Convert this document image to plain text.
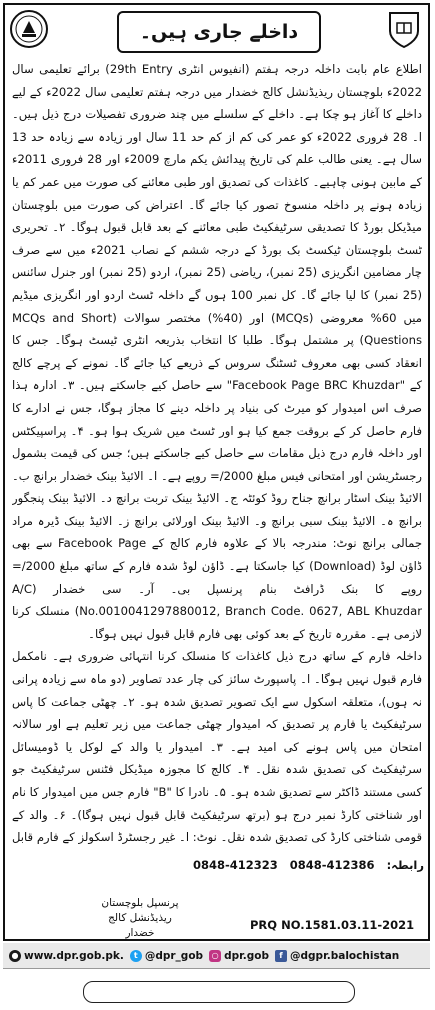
داخلے جاری ہیں۔

اطلاع عام بابت داخلہ درجہ ہفتم (انفیوس انٹری 29th Entry) برائے تعلیمی سال 2022ء بلوچستان ریذیڈنشل کالج خضدار میں درجہ ہفتم تعلیمی سال 2022ء کے لیے داخلے کا آغاز ہو چکا ہے۔ داخلے کے سلسلے میں چند ضروری تفصیلات درج ذیل ہیں۔ ا۔ 28 فروری 2022ء کو عمر کی کم از کم حد 11 سال اور زیادہ سے زیادہ حد 13 سال ہے۔ یعنی طالب علم کی تاریخ پیدائش یکم مارچ 2009ء اور 28 فروری 2011ء کے مابین ہونی چاہیے۔ کاغذات کی تصدیق اور طبی معائنے کی صورت میں عمر کم یا زیادہ ہونے پر داخلہ منسوخ تصور کیا جائے گا۔ اعتراض کی صورت میں بلوچستان میڈیکل بورڈ کا تصدیقی سرٹیفکیٹ طبی معائنے کے بعد قابل قبول ہوگا۔ ۲۔ تحریری ٹسٹ بلوچستان ٹیکسٹ بک بورڈ کے درجہ ششم کے نصاب 2021ء میں سے صرف چار مضامین انگریزی (25 نمبر)، ریاضی (25 نمبر)، اردو (25 نمبر) اور جنرل سائنس (25 نمبر) کا لیا جائے گا۔ کل نمبر 100 ہوں گے داخلہ ٹسٹ اردو اور انگریزی میڈیم میں 60% معروضی (MCQs) اور (40%) مختصر سوالات (MCQs and Short Questions) پر مشتمل ہوگا۔ طلبا کا انتخاب بذریعہ انٹری ٹیسٹ ہوگا۔ جس کا انعقاد کسی بھی معروف ٹسٹنگ سروس کے ذریعے کیا جائے گا۔ نمونے کے پرچے کالج کے "Facebook Page BRC Khuzdar" سے حاصل کیے جاسکتے ہیں۔ ۳۔ ادارہ ہذا صرف اس امیدوار کو میرٹ کی بنیاد پر داخلہ دینے کا مجاز ہوگا، جس نے ادارے کا فارم حاصل کر کے بروقت جمع کیا ہو اور ٹسٹ میں شریک ہوا ہو۔ ۴۔ پراسپیکٹس اور داخلہ فارم درج ذیل مقامات سے حاصل کیے جاسکتے ہیں؛ جس کی قیمت بشمول رجسٹریشن اور امتحانی فیس مبلغ 2000/= روپے ہے۔ ا۔ الائیڈ بینک خضدار برانچ ب۔ الائیڈ بینک اسٹار برانچ جناح روڈ کوئٹہ ج۔ الائیڈ بینک تربت برانچ د۔ الائیڈ بینک پنجگور برانچ ہ۔ الائیڈ بینک سبی برانچ و۔ الائیڈ بینک اورلائی برانچ ز۔ الائیڈ بینک ڈیرہ مراد جمالی برانچ نوٹ: مندرجہ بالا کے علاوہ فارم کالج کے Facebook Page سے بھی ڈاؤن لوڈ (Download) کیا جاسکتا ہے۔ ڈاؤن لوڈ شدہ فارم کے ساتھ مبلغ 2000/= روپے کا بنک ڈرافٹ بنام پرنسپل بی۔ آر۔ سی خضدار (A/C No.0010041297880012, Branch Code. 0627, ABL Khuzdar) منسلک کرنا لازمی ہے۔ مقررہ تاریخ کے بعد کوئی بھی فارم قابل قبول نہیں ہوگا۔

داخلہ فارم کے ساتھ درج ذیل کاغذات کا منسلک کرنا انتہائی ضروری ہے۔ نامکمل فارم قبول نہیں ہوگا۔ ا۔ پاسپورٹ سائز کی چار عدد تصاویر (دو ماہ سے زیادہ پرانی نہ ہوں)، متعلقہ اسکول سے ایک تصویر تصدیق شدہ ہو۔ ۲۔ چھٹی جماعت کا پاس سرٹیفکیٹ یا فارم پر تصدیق کہ امیدوار چھٹی جماعت میں زیر تعلیم ہے اور سالانہ امتحان میں پاس ہونے کی امید ہے۔ ۳۔ امیدوار یا والد کے لوکل یا ڈومیسائل سرٹیفکیٹ کی تصدیق شدہ نقل۔ ۴۔ کالج کا مجوزہ میڈیکل فٹنس سرٹیفکیٹ جو کسی مستند ڈاکٹر سے تصدیق شدہ ہو۔ ۵۔ نادرا کا "B" فارم جس میں امیدوار کا نام اور شناختی کارڈ نمبر درج ہو (برتھ سرٹیفکیٹ قابل قبول نہیں ہوگا)۔ ۶۔ والد کے قومی شناختی کارڈ کی تصدیق شدہ نقل۔ نوٹ: ا۔ غیر رجسٹرڈ اسکولز کے فارم قابل

رابطہ: 0848-412386 0848-412323
پرنسپل بلوچستان
ریذیڈنشل کالج خضدار
PRQ NO.1581.03.11-2021
● www.dpr.gob.pk.	t @dpr_gob	○ dpr.gob	f @dgpr.balochistan
